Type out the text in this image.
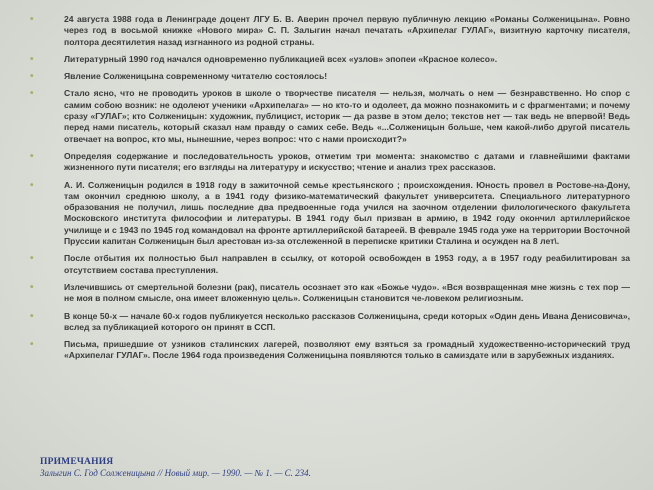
•	24 августа 1988 года в Ленинграде доцент ЛГУ Б. В. Аверин прочел первую публичную лекцию «Романы Солженицына». Ровно через год в восьмой книжке «Нового мира» С. П. Залыгин начал печатать «Архипелаг ГУЛАГ», визитную карточку писателя, полтора десятилетия назад изгнанного из родной страны.
•	Литературный 1990 год начался одновременно публикацией всех «узлов» эпопеи «Красное колесо».
•	Явление Солженицына современному читателю состоялось!
•	Стало ясно, что не проводить уроков в школе о творчестве писателя — нельзя, молчать о нем — безнравственно. Но спор с самим собою возник: не одолеют ученики «Архипелага» — но кто-то и одолеет, да можно познакомить и с фрагментами; и почему сразу «ГУЛАГ»; кто Солженицын: художник, публицист, историк — да разве в этом дело; текстов нет — так ведь не впервой! Ведь перед нами писатель, который сказал нам правду о самих себе. Ведь «...Солженицын больше, чем какой-либо другой писатель отвечает на вопрос, кто мы, нынешние, через вопрос: что с нами происходит?»
•	Определяя содержание и последовательность уроков, отметим три момента: знакомство с датами и главнейшими фактами жизненного пути писателя; его взгляды на литературу и искусство; чтение и анализ трех рассказов.
•	А. И. Солженицын родился в 1918 году в зажиточной семье крестьянского ; происхождения. Юность провел в Ростове-на-Дону, там окончил среднюю школу, а в 1941 году физико-математический факультет университета. Специального литературного образования не получил, лишь последние два предвоенные года учился на заочном отделении филологического факультета Московского института философии и литературы. В 1941 году был призван в армию, в 1942 году окончил артиллерийское училище и с 1943 по 1945 год командовал на фронте артиллерийской батареей. В феврале 1945 года уже на территории Восточной Пруссии капитан Солженицын был арестован из-за отслеженной в переписке критики Сталина и осужден на 8 лет\.
•	После отбытия их полностью был направлен в ссылку, от которой освобожден в 1953 году, а в 1957 году реабилитирован за отсутствием состава преступления.
•	Излечившись от смертельной болезни (рак), писатель осознает это как «Божье чудо». «Вся возвращенная мне жизнь с тех пор — не моя в полном смысле, она имеет вложенную цель». Солженицын становится че-ловеком религиозным.
•	В конце 50-х — начале 60-х годов публикуется несколько рассказов Солженицына, среди которых «Один день Ивана Денисовича», вслед за публикацией которого он принят в ССП.
•	Письма, пришедшие от узников сталинских лагерей, позволяют ему взяться за громадный художественно-исторический труд «Архипелаг ГУЛАГ». После 1964 года произведения Солженицына появляются только в самиздате или в зарубежных изданиях.
ПРИМЕЧАНИЯ
Залыгин С. Год Солженицына // Новый мир. — 1990. — № 1. — С. 234.
